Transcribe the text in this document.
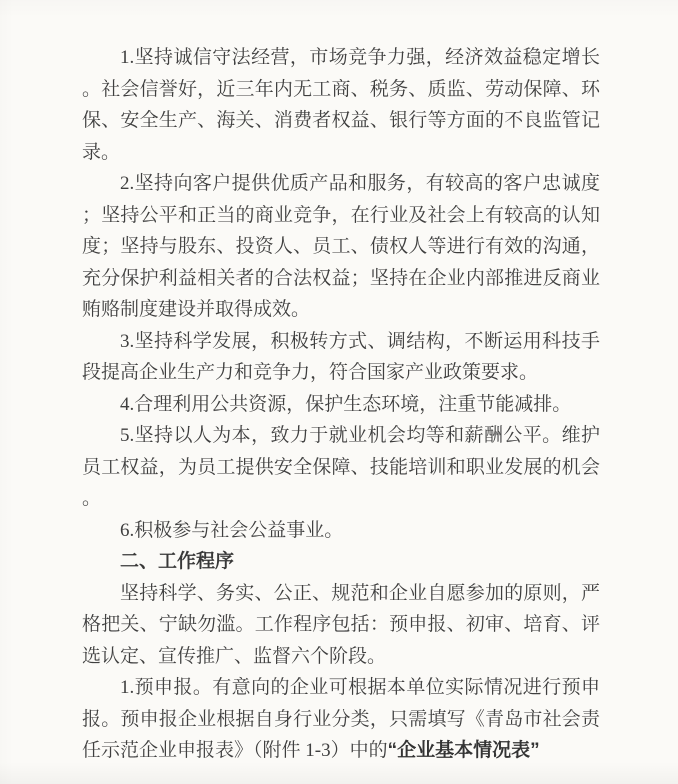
1.坚持诚信守法经营，市场竞争力强，经济效益稳定增长。社会信誉好，近三年内无工商、税务、质监、劳动保障、环保、安全生产、海关、消费者权益、银行等方面的不良监管记录。

2.坚持向客户提供优质产品和服务，有较高的客户忠诚度；坚持公平和正当的商业竞争，在行业及社会上有较高的认知度；坚持与股东、投资人、员工、债权人等进行有效的沟通，充分保护利益相关者的合法权益；坚持在企业内部推进反商业贿赂制度建设并取得成效。

3.坚持科学发展，积极转方式、调结构，不断运用科技手段提高企业生产力和竞争力，符合国家产业政策要求。

4.合理利用公共资源，保护生态环境，注重节能减排。

5.坚持以人为本，致力于就业机会均等和薪酬公平。维护员工权益，为员工提供安全保障、技能培训和职业发展的机会。

6.积极参与社会公益事业。

二、工作程序

坚持科学、务实、公正、规范和企业自愿参加的原则，严格把关、宁缺勿滥。工作程序包括：预申报、初审、培育、评选认定、宣传推广、监督六个阶段。

1.预申报。有意向的企业可根据本单位实际情况进行预申报。预申报企业根据自身行业分类，只需填写《青岛市社会责任示范企业申报表》（附件 1-3）中的“企业基本情况表”
